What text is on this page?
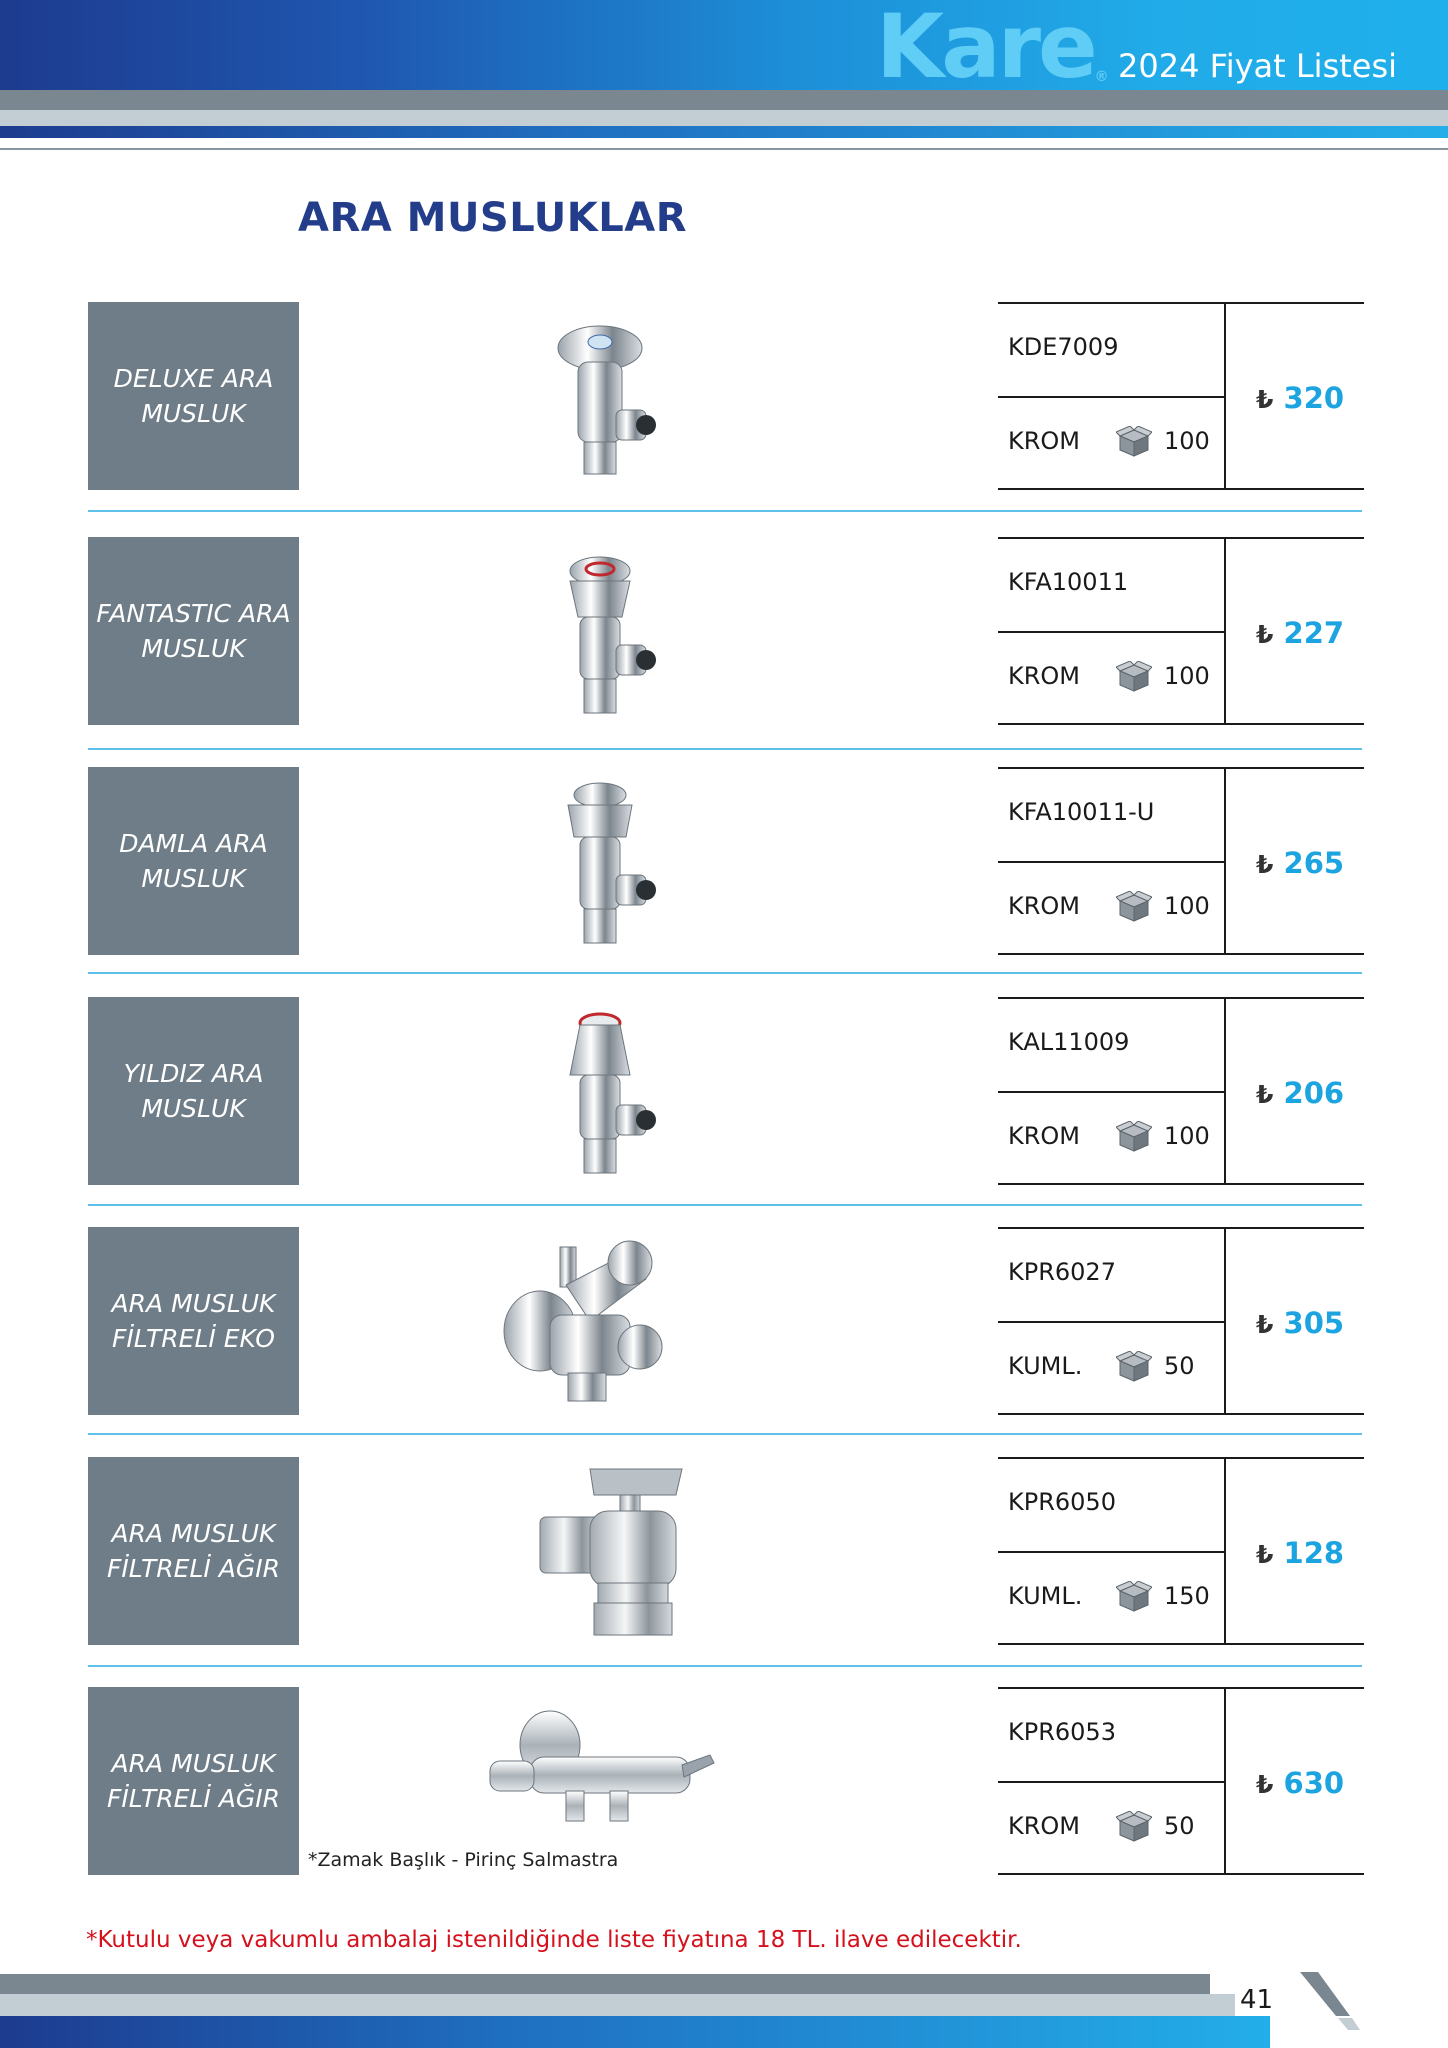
Kare® 2024 Fiyat Listesi
ARA MUSLUKLAR
DELUXE ARA
MUSLUK
KDE7009
KROM	100
₺ 320
FANTASTIC ARA
MUSLUK
KFA10011
KROM	100
₺ 227
DAMLA ARA
MUSLUK
KFA10011-U
KROM	100
₺ 265
YILDIZ ARA
MUSLUK
KAL11009
KROM	100
₺ 206
ARA MUSLUK
FİLTRELİ EKO
KPR6027
KUML.	50
₺ 305
ARA MUSLUK
FİLTRELİ AĞIR
KPR6050
KUML.	150
₺ 128
ARA MUSLUK
FİLTRELİ AĞIR
*Zamak Başlık - Pirinç Salmastra
KPR6053
KROM	50
₺ 630
*Kutulu veya vakumlu ambalaj istenildiğinde liste fiyatına 18 TL. ilave edilecektir.
41
